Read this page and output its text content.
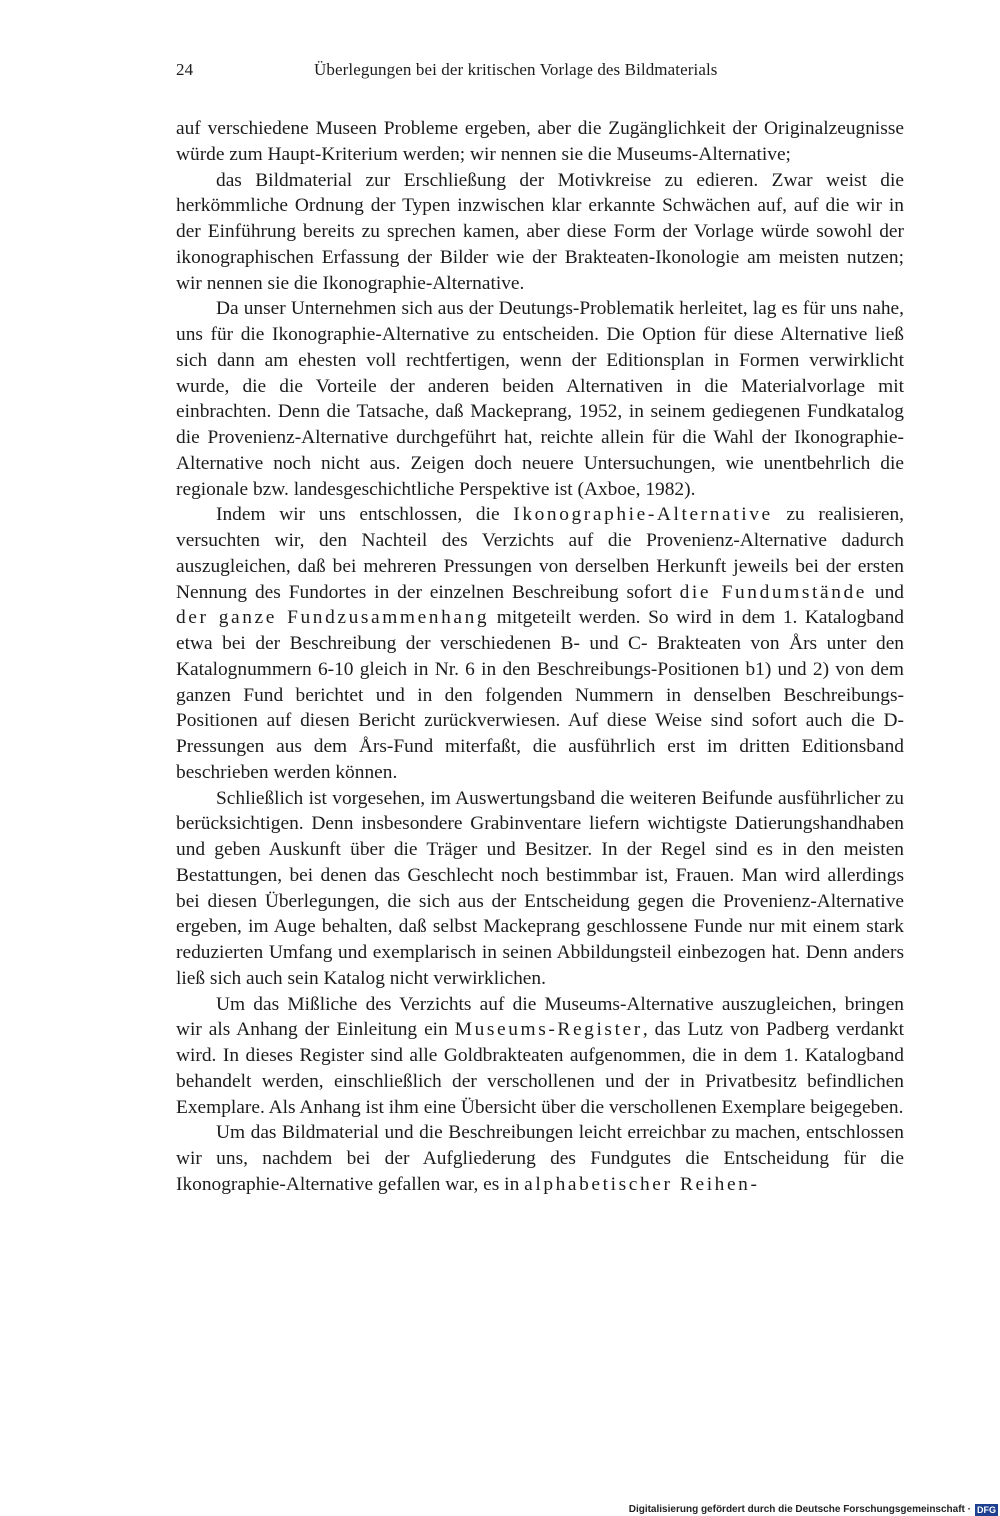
24	Überlegungen bei der kritischen Vorlage des Bildmaterials

auf verschiedene Museen Probleme ergeben, aber die Zugänglichkeit der Originalzeugnisse würde zum Haupt-Kriterium werden; wir nennen sie die Museums-Alternative;

das Bildmaterial zur Erschließung der Motivkreise zu edieren. Zwar weist die herkömmliche Ordnung der Typen inzwischen klar erkannte Schwächen auf, auf die wir in der Einführung bereits zu sprechen kamen, aber diese Form der Vorlage würde sowohl der ikonographischen Erfassung der Bilder wie der Brakteaten-Ikonologie am meisten nutzen; wir nennen sie die Ikonographie-Alternative.

Da unser Unternehmen sich aus der Deutungs-Problematik herleitet, lag es für uns nahe, uns für die Ikonographie-Alternative zu entscheiden. Die Option für diese Alternative ließ sich dann am ehesten voll rechtfertigen, wenn der Editionsplan in Formen verwirklicht wurde, die die Vorteile der anderen beiden Alternativen in die Materialvorlage mit einbrachten. Denn die Tatsache, daß Mackeprang, 1952, in seinem gediegenen Fundkatalog die Provenienz-Alternative durchgeführt hat, reichte allein für die Wahl der Ikonographie-Alternative noch nicht aus. Zeigen doch neuere Untersuchungen, wie unentbehrlich die regionale bzw. landesgeschichtliche Perspektive ist (Axboe, 1982).

Indem wir uns entschlossen, die Ikonographie-Alternative zu realisieren, versuchten wir, den Nachteil des Verzichts auf die Provenienz-Alternative dadurch auszugleichen, daß bei mehreren Pressungen von derselben Herkunft jeweils bei der ersten Nennung des Fundortes in der einzelnen Beschreibung sofort die Fundumstände und der ganze Fundzusammenhang mitgeteilt werden. So wird in dem 1. Katalogband etwa bei der Beschreibung der verschiedenen B- und C- Brakteaten von Års unter den Katalognummern 6-10 gleich in Nr. 6 in den Beschreibungs-Positionen b1) und 2) von dem ganzen Fund berichtet und in den folgenden Nummern in denselben Beschreibungs-Positionen auf diesen Bericht zurückverwiesen. Auf diese Weise sind sofort auch die D-Pressungen aus dem Års-Fund miterfaßt, die ausführlich erst im dritten Editionsband beschrieben werden können.

Schließlich ist vorgesehen, im Auswertungsband die weiteren Beifunde ausführlicher zu berücksichtigen. Denn insbesondere Grabinventare liefern wichtigste Datierungshandhaben und geben Auskunft über die Träger und Besitzer. In der Regel sind es in den meisten Bestattungen, bei denen das Geschlecht noch bestimmbar ist, Frauen. Man wird allerdings bei diesen Überlegungen, die sich aus der Entscheidung gegen die Provenienz-Alternative ergeben, im Auge behalten, daß selbst Mackeprang geschlossene Funde nur mit einem stark reduzierten Umfang und exemplarisch in seinen Abbildungsteil einbezogen hat. Denn anders ließ sich auch sein Katalog nicht verwirklichen.

Um das Mißliche des Verzichts auf die Museums-Alternative auszugleichen, bringen wir als Anhang der Einleitung ein Museums-Register, das Lutz von Padberg verdankt wird. In dieses Register sind alle Goldbrakteaten aufgenommen, die in dem 1. Katalogband behandelt werden, einschließlich der verschollenen und der in Privatbesitz befindlichen Exemplare. Als Anhang ist ihm eine Übersicht über die verschollenen Exemplare beigegeben.

Um das Bildmaterial und die Beschreibungen leicht erreichbar zu machen, entschlossen wir uns, nachdem bei der Aufgliederung des Fundgutes die Entscheidung für die Ikonographie-Alternative gefallen war, es in alphabetischer Reihen-

Digitalisierung gefördert durch die Deutsche Forschungsgemeinschaft · DFG
